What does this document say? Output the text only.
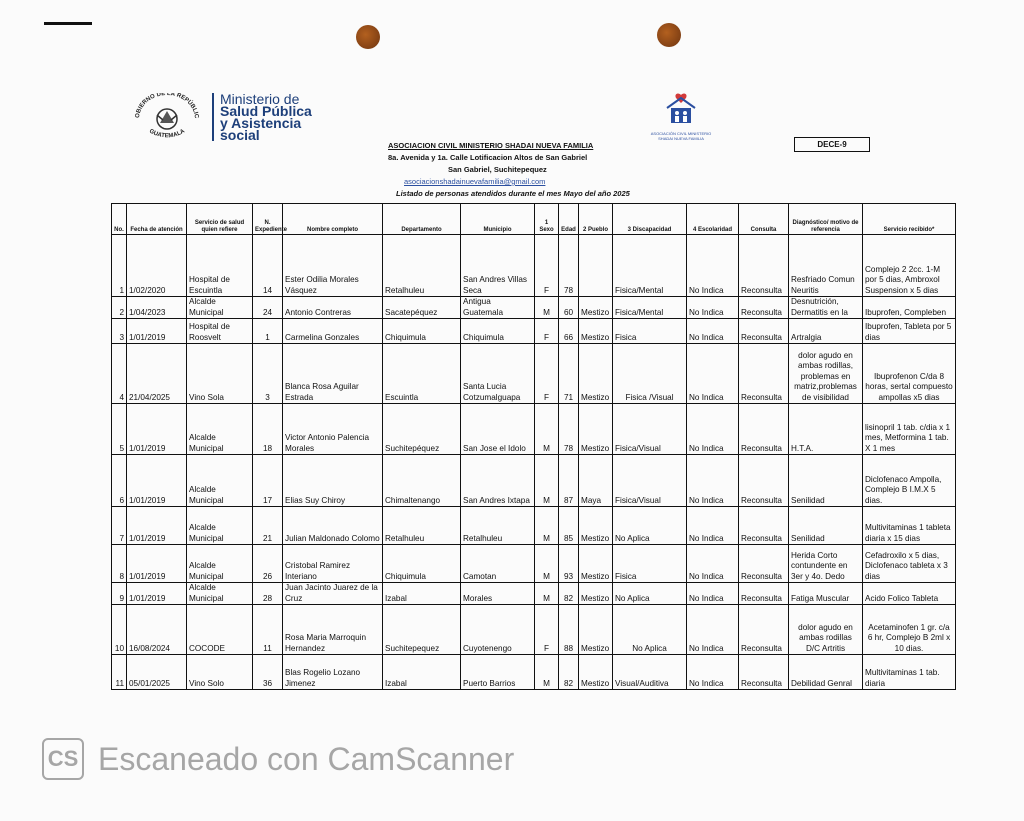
OBIERNO DE LA REPÚBLIC
GUATEMALA
Ministerio de
Salud Pública
y Asistencia
social	ASOCIACIÓN CIVIL MINISTERIO SHADAI NUEVA FAMILIA
ASOCIACION CIVIL MINISTERIO SHADAI NUEVA FAMILIA
8a. Avenida y 1a. Calle Lotificacion Altos de San Gabriel
San Gabriel, Suchitepequez
asociacionshadainuevafamilia@gmail.com
Listado de personas atendidos durante el mes Mayo del año 2025
DECE-9
No.	Fecha de atención	Servicio de salud quien refiere	N. Expediente	Nombre completo	Departamento	Municipio	1 Sexo	Edad	2 Pueblo	3 Discapacidad	4 Escolaridad	Consulta	Diagnóstico/ motivo de referencia	Servicio recibido*
1	1/02/2020	Hospital de Escuintla	14	Ester Odilia Morales Vásquez	Retalhuleu	San Andres Villas Seca	F	78		Fisica/Mental	No Indica	Reconsulta	Resfriado Comun Neuritis	Complejo 2 2cc. 1-M por 5 dias, Ambroxol Suspension x 5 dias
2	1/04/2023	Alcalde Municipal	24	Antonio Contreras	Sacatepéquez	Antigua Guatemala	M	60	Mestizo	Fisica/Mental	No Indica	Reconsulta	Desnutrición, Dermatitis en la	Ibuprofen, Compleben
3	1/01/2019	Hospital de Roosvelt	1	Carmelina Gonzales	Chiquimula	Chiquimula	F	66	Mestizo	Fisica	No Indica	Reconsulta	Artralgia	Ibuprofen, Tableta por 5 dias
4	21/04/2025	Vino Sola	3	Blanca Rosa Aguilar Estrada	Escuintla	Santa Lucia Cotzumalguapa	F	71	Mestizo	Fisica /Visual	No Indica	Reconsulta	dolor agudo en ambas rodillas, problemas en matriz,problemas de visibilidad	Ibuprofenon C/da 8 horas, sertal compuesto ampollas x5 dias
5	1/01/2019	Alcalde Municipal	18	Victor Antonio Palencia Morales	Suchitepéquez	San Jose el Idolo	M	78	Mestizo	Fisica/Visual	No Indica	Reconsulta	H.T.A.	lisinopril 1 tab. c/dia x 1 mes, Metformina 1 tab. X 1 mes
6	1/01/2019	Alcalde Municipal	17	Elias Suy Chiroy	Chimaltenango	San Andres Ixtapa	M	87	Maya	Fisica/Visual	No Indica	Reconsulta	Senilidad	Diclofenaco Ampolla, Complejo B I.M.X 5 dias.
7	1/01/2019	Alcalde Municipal	21	Julian Maldonado Colomo	Retalhuleu	Retalhuleu	M	85	Mestizo	No Aplica	No Indica	Reconsulta	Senilidad	Multivitaminas 1 tableta diaria x 15 dias
8	1/01/2019	Alcalde Municipal	26	Cristobal Ramirez Interiano	Chiquimula	Camotan	M	93	Mestizo	Fisica	No Indica	Reconsulta	Herida Corto contundente en 3er y 4o. Dedo	Cefadroxilo x 5 dias, Diclofenaco tableta x 3 dias
9	1/01/2019	Alcalde Municipal	28	Juan Jacinto Juarez de la Cruz	Izabal	Morales	M	82	Mestizo	No Aplica	No Indica	Reconsulta	Fatiga Muscular	Acido Folico Tableta
10	16/08/2024	COCODE	11	Rosa Maria Marroquin Hernandez	Suchitepequez	Cuyotenengo	F	88	Mestizo	No Aplica	No Indica	Reconsulta	dolor agudo en ambas rodillas D/C Artritis	Acetaminofen 1 gr. c/a 6 hr, Complejo B 2ml x 10 dias.
11	05/01/2025	Vino Solo	36	Blas Rogelio Lozano Jimenez	Izabal	Puerto Barrios	M	82	Mestizo	Visual/Auditiva	No Indica	Reconsulta	Debilidad Genral	Multivitaminas 1 tab. diaria
CS Escaneado con CamScanner
